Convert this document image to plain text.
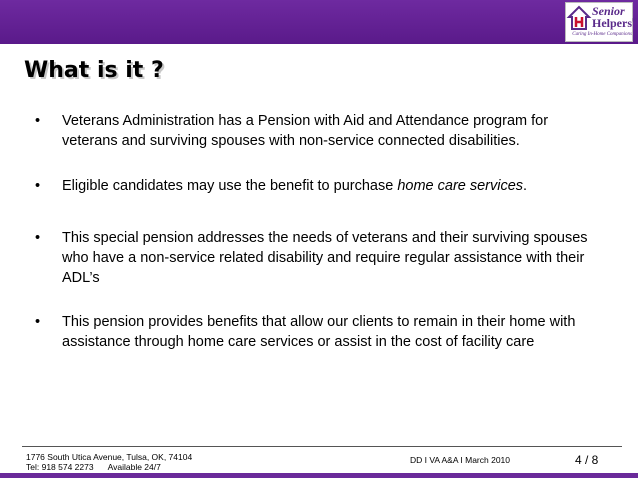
Senior
Helpers®
Caring In-Home Companions
What is it ?
• Veterans Administration has a Pension with Aid and Attendance program for veterans and surviving spouses with non-service connected disabilities.
• Eligible candidates may use the benefit to purchase home care services.
• This special pension addresses the needs of veterans and their surviving spouses who have a non-service related disability and require regular assistance with their ADL’s
• This pension provides benefits that allow our clients to remain in their home with assistance through home care services or assist in the cost of facility care
1776 South Utica Avenue, Tulsa, OK, 74104
Tel: 918 574 2273 Available 24/7
DD I VA A&A I March 2010	4 / 8
